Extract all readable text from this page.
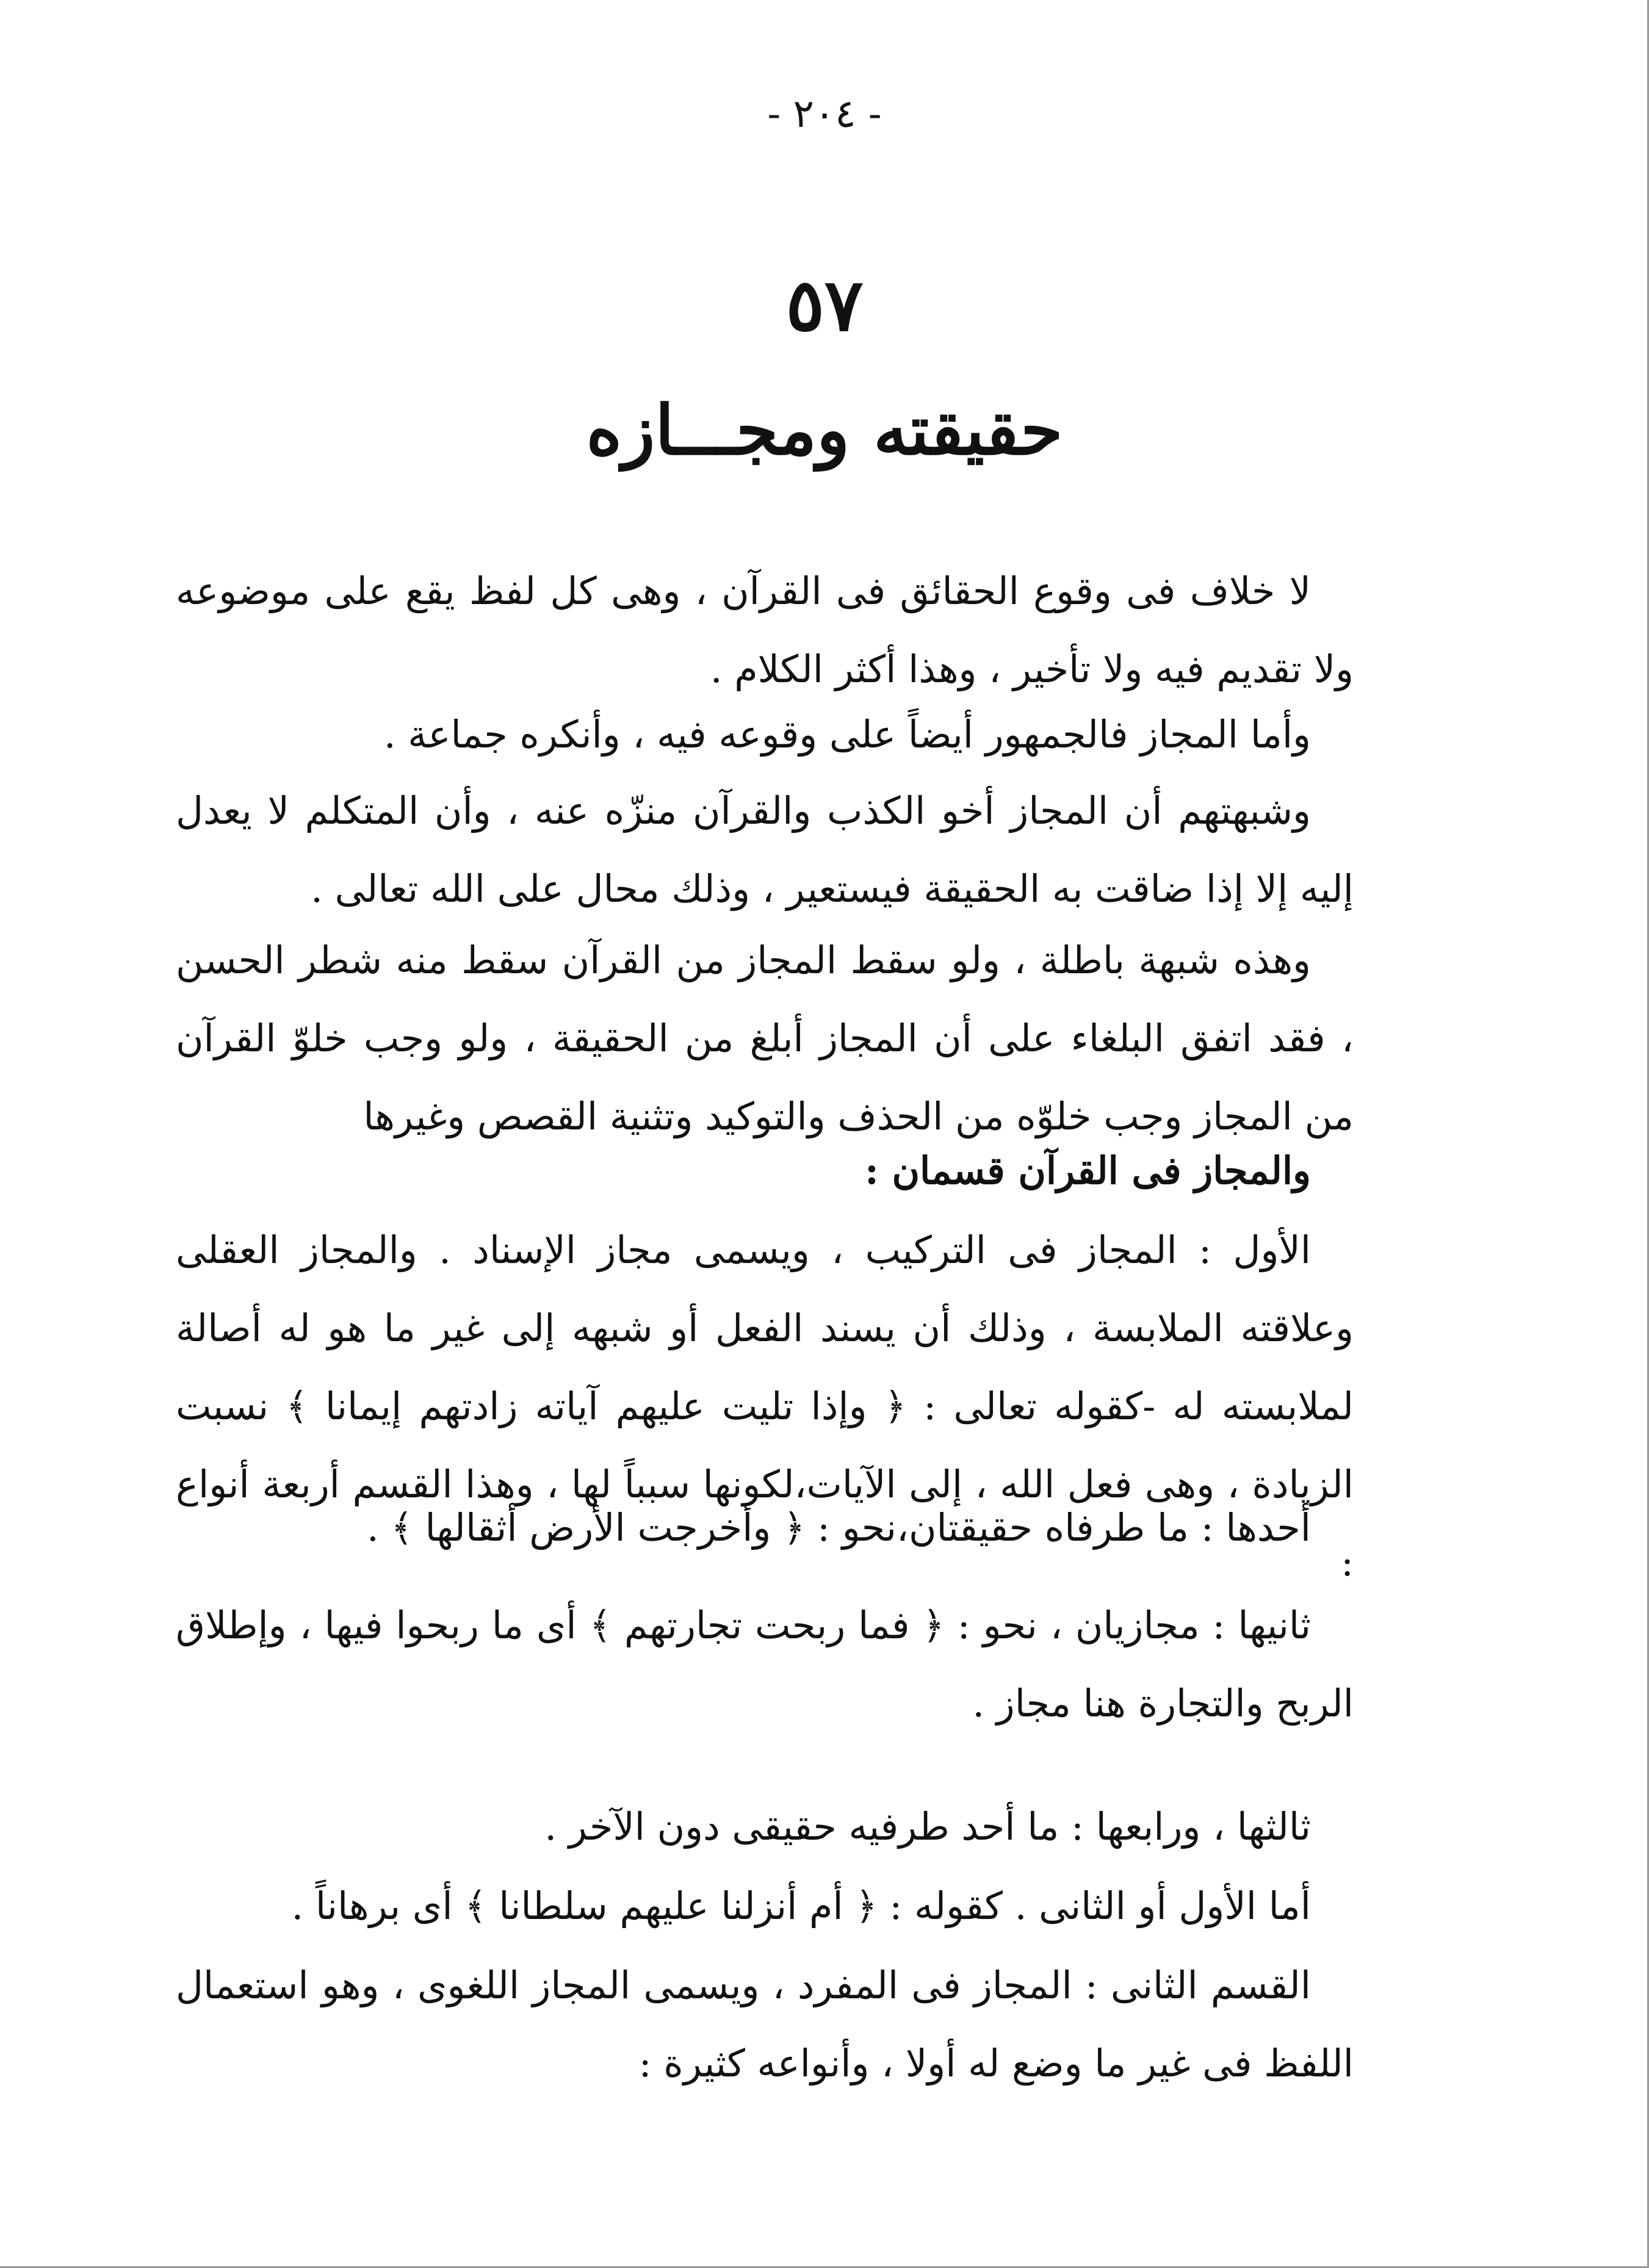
- ٢٠٤ -
٥٧
حقيقته ومجـــازه

لا خلاف فى وقوع الحقائق فى القرآن ، وهى كل لفظ يقع على موضوعه ولا تقديم فيه ولا تأخير ، وهذا أكثر الكلام .

وأما المجاز فالجمهور أيضاً على وقوعه فيه ، وأنكره جماعة .

وشبهتهم أن المجاز أخو الكذب والقرآن منزّه عنه ، وأن المتكلم لا يعدل إليه إلا إذا ضاقت به الحقيقة فيستعير ، وذلك محال على الله تعالى .

وهذه شبهة باطلة ، ولو سقط المجاز من القرآن سقط منه شطر الحسن ، فقد اتفق البلغاء على أن المجاز أبلغ من الحقيقة ، ولو وجب خلوّ القرآن من المجاز وجب خلوّه من الحذف والتوكيد وتثنية القصص وغيرها

والمجاز فى القرآن قسمان :

الأول : المجاز فى التركيب ، ويسمى مجاز الإسناد . والمجاز العقلى وعلاقته الملابسة ، وذلك أن يسند الفعل أو شبهه إلى غير ما هو له أصالة لملابسته له -كقوله تعالى : ﴿ وإذا تليت عليهم آياته زادتهم إيمانا ﴾ نسبت الزيادة ، وهى فعل الله ، إلى الآيات،لكونها سبباً لها ، وهذا القسم أربعة أنواع :

أحدها : ما طرفاه حقيقتان،نحو : ﴿ وأخرجت الأرض أثقالها ﴾ .

ثانيها : مجازيان ، نحو : ﴿ فما ربحت تجارتهم ﴾ أى ما ربحوا فيها ، وإطلاق الربح والتجارة هنا مجاز .

ثالثها ، ورابعها : ما أحد طرفيه حقيقى دون الآخر .

أما الأول أو الثانى . كقوله : ﴿ أم أنزلنا عليهم سلطانا ﴾ أى برهاناً .

القسم الثانى : المجاز فى المفرد ، ويسمى المجاز اللغوى ، وهو استعمال اللفظ فى غير ما وضع له أولا ، وأنواعه كثيرة :
